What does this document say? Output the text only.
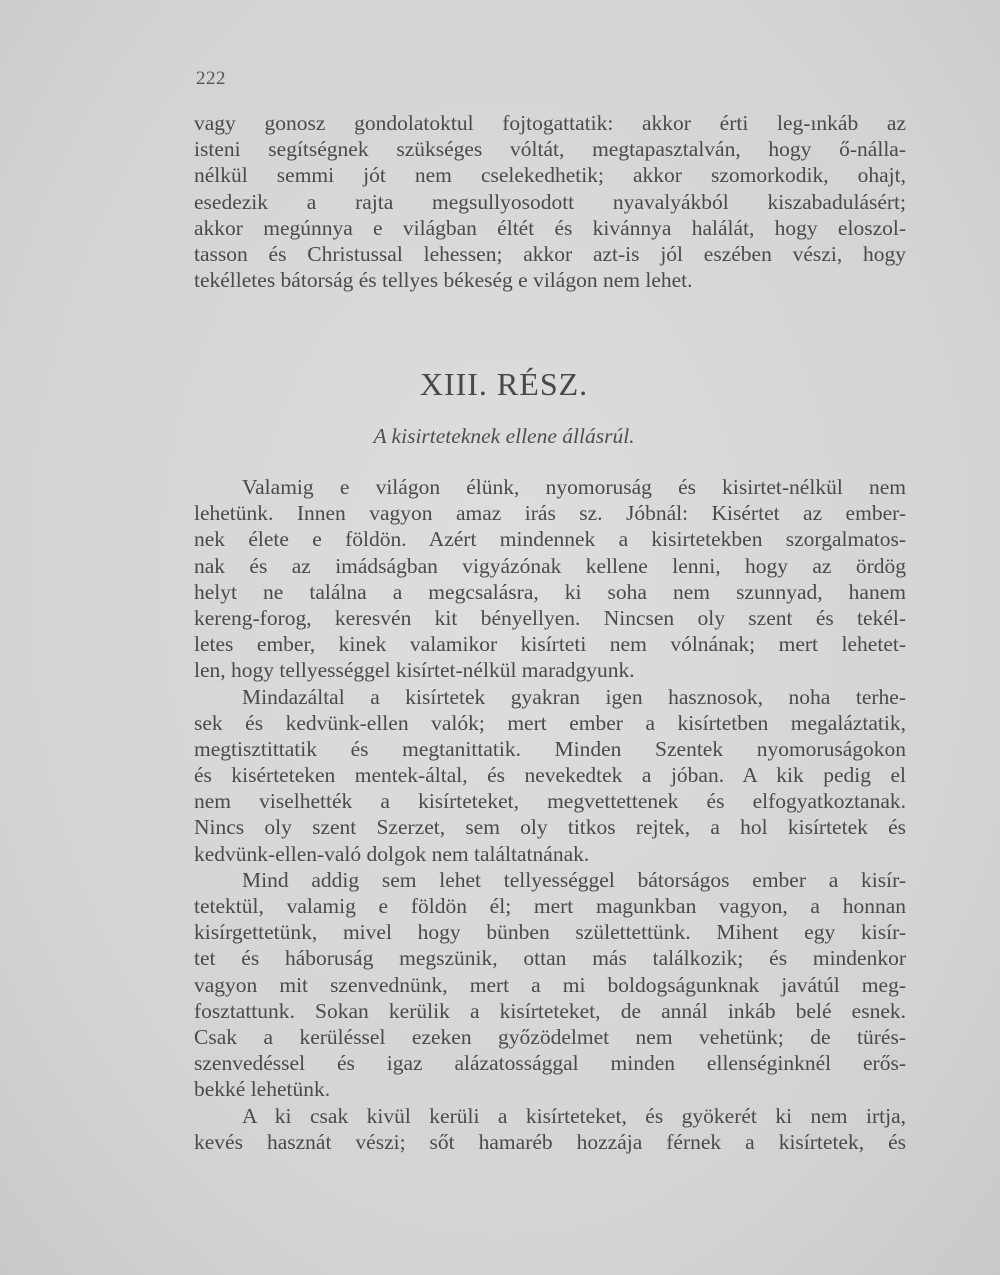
222
vagy gonosz gondolatoktul fojtogattatik: akkor érti leg-ınkáb az
isteni segítségnek szükséges vóltát, megtapasztalván, hogy ő-nálla-
nélkül semmi jót nem cselekedhetik; akkor szomorkodik, ohajt,
esedezik a rajta megsullyosodott nyavalyákból kiszabadulásért;
akkor megúnnya e világban éltét és kivánnya halálát, hogy eloszol-
tasson és Christussal lehessen; akkor azt-is jól eszében vészi, hogy
tekélletes bátorság és tellyes békeség e világon nem lehet.
XIII. RÉSZ.
A kisirteteknek ellene állásrúl.
Valamig e világon élünk, nyomoruság és kisirtet-nélkül nem
lehetünk. Innen vagyon amaz irás sz. Jóbnál: Kisértet az ember-
nek élete e földön. Azért mindennek a kisirtetekben szorgalmatos-
nak és az imádságban vigyázónak kellene lenni, hogy az ördög
helyt ne találna a megcsalásra, ki soha nem szunnyad, hanem
kereng-forog, keresvén kit bényellyen. Nincsen oly szent és tekél-
letes ember, kinek valamikor kisírteti nem vólnának; mert lehetet-
len, hogy tellyességgel kisírtet-nélkül maradgyunk.
Mindazáltal a kisírtetek gyakran igen hasznosok, noha terhe-
sek és kedvünk-ellen valók; mert ember a kisírtetben megaláztatik,
megtisztittatik és megtanittatik. Minden Szentek nyomoruságokon
és kisérteteken mentek-által, és nevekedtek a jóban. A kik pedig el
nem viselhették a kisírteteket, megvettettenek és elfogyatkoztanak.
Nincs oly szent Szerzet, sem oly titkos rejtek, a hol kisírtetek és
kedvünk-ellen-való dolgok nem találtatnának.
Mind addig sem lehet tellyességgel bátorságos ember a kisír-
tetektül, valamig e földön él; mert magunkban vagyon, a honnan
kisírgettetünk, mivel hogy bünben születtettünk. Mihent egy kisír-
tet és háboruság megszünik, ottan más találkozik; és mindenkor
vagyon mit szenvednünk, mert a mi boldogságunknak javátúl meg-
fosztattunk. Sokan kerülik a kisírteteket, de annál inkáb belé esnek.
Csak a kerüléssel ezeken győzödelmet nem vehetünk; de türés-
szenvedéssel és igaz alázatossággal minden ellenséginknél erős-
bekké lehetünk.
A ki csak kivül kerüli a kisírteteket, és gyökerét ki nem irtja,
kevés hasznát vészi; sőt hamaréb hozzája férnek a kisírtetek, és
